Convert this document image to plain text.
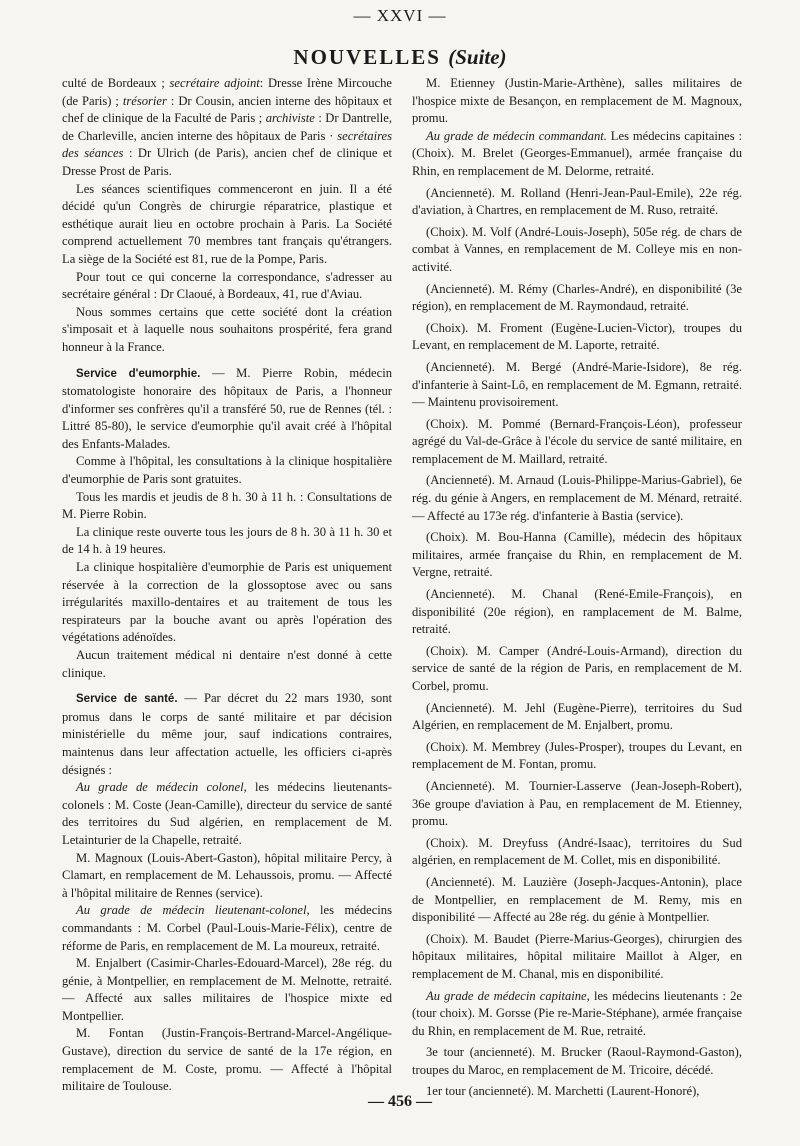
— XXVI —
NOUVELLES (Suite)

culté de Bordeaux ; secrétaire adjoint: Dresse Irène Mircouche (de Paris) ; trésorier : Dr Cousin, ancien interne des hôpitaux et chef de clinique de la Faculté de Paris ; archiviste : Dr Dantrelle, de Charleville, ancien interne des hôpitaux de Paris · secrétaires des séances : Dr Ulrich (de Paris), ancien chef de clinique et Dresse Prost de Paris.

Les séances scientifiques commenceront en juin. Il a été décidé qu'un Congrès de chirurgie réparatrice, plastique et esthétique aurait lieu en octobre prochain à Paris. La Société comprend actuellement 70 membres tant français qu'étrangers. La siège de la Société est 81, rue de la Pompe, Paris.

Pour tout ce qui concerne la correspondance, s'adresser au secrétaire général : Dr Claoué, à Bordeaux, 41, rue d'Aviau.

Nous sommes certains que cette société dont la création s'imposait et à laquelle nous souhaitons prospérité, fera grand honneur à la France.

Service d'eumorphie. — M. Pierre Robin, médecin stomatologiste honoraire des hôpitaux de Paris, a l'honneur d'informer ses confrères qu'il a transféré 50, rue de Rennes (tél. : Littré 85-80), le service d'eumorphie qu'il avait créé à l'hôpital des Enfants-Malades.

Comme à l'hôpital, les consultations à la clinique hospitalière d'eumorphie de Paris sont gratuites.

Tous les mardis et jeudis de 8 h. 30 à 11 h. : Consultations de M. Pierre Robin.

La clinique reste ouverte tous les jours de 8 h. 30 à 11 h. 30 et de 14 h. à 19 heures.

La clinique hospitalière d'eumorphie de Paris est uniquement réservée à la correction de la glossoptose avec ou sans irrégularités maxillo-dentaires et au traitement de tous les respirateurs par la bouche avant ou après l'opération des végétations adénoïdes.

Aucun traitement médical ni dentaire n'est donné à cette clinique.

Service de santé. — Par décret du 22 mars 1930, sont promus dans le corps de santé militaire et par décision ministérielle du même jour, sauf indications contraires, maintenus dans leur affectation actuelle, les officiers ci-après désignés :

Au grade de médecin colonel, les médecins lieutenants-colonels : M. Coste (Jean-Camille), directeur du service de santé des territoires du Sud algérien, en remplacement de M. Letainturier de la Chapelle, retraité.

M. Magnoux (Louis-Abert-Gaston), hôpital militaire Percy, à Clamart, en remplacement de M. Lehaussois, promu. — Affecté à l'hôpital militaire de Rennes (service).

Au grade de médecin lieutenant-colonel, les médecins commandants : M. Corbel (Paul-Louis-Marie-Félix), centre de réforme de Paris, en remplacement de M. La moureux, retraité.

M. Enjalbert (Casimir-Charles-Edouard-Marcel), 28e rég. du génie, à Montpellier, en remplacement de M. Melnotte, retraité. — Affecté aux salles militaires de l'hospice mixte ed Montpellier.

M. Fontan (Justin-François-Bertrand-Marcel-Angélique-Gustave), direction du service de santé de la 17e région, en remplacement de M. Coste, promu. — Affecté à l'hôpital militaire de Toulouse.

M. Etienney (Justin-Marie-Arthène), salles militaires de l'hospice mixte de Besançon, en remplacement de M. Magnoux, promu.

Au grade de médecin commandant. Les médecins capitaines : (Choix). M. Brelet (Georges-Emmanuel), armée française du Rhin, en remplacement de M. Delorme, retraité.

(Ancienneté). M. Rolland (Henri-Jean-Paul-Emile), 22e rég. d'aviation, à Chartres, en remplacement de M. Ruso, retraité.

(Choix). M. Volf (André-Louis-Joseph), 505e rég. de chars de combat à Vannes, en remplacement de M. Colleye mis en non-activité.

(Ancienneté). M. Rémy (Charles-André), en disponibilité (3e région), en remplacement de M. Raymondaud, retraité.

(Choix). M. Froment (Eugène-Lucien-Victor), troupes du Levant, en remplacement de M. Laporte, retraité.

(Ancienneté). M. Bergé (André-Marie-Isidore), 8e rég. d'infanterie à Saint-Lô, en remplacement de M. Egmann, retraité. — Maintenu provisoirement.

(Choix). M. Pommé (Bernard-François-Léon), professeur agrégé du Val-de-Grâce à l'école du service de santé militaire, en remplacement de M. Maillard, retraité.

(Ancienneté). M. Arnaud (Louis-Philippe-Marius-Gabriel), 6e rég. du génie à Angers, en remplacement de M. Ménard, retraité. — Affecté au 173e rég. d'infanterie à Bastia (service).

(Choix). M. Bou-Hanna (Camille), médecin des hôpitaux militaires, armée française du Rhin, en remplacement de M. Vergne, retraité.

(Ancienneté). M. Chanal (René-Emile-François), en disponibilité (20e région), en ramplacement de M. Balme, retraité.

(Choix). M. Camper (André-Louis-Armand), direction du service de santé de la région de Paris, en remplacement de M. Corbel, promu.

(Ancienneté). M. Jehl (Eugène-Pierre), territoires du Sud Algérien, en remplacement de M. Enjalbert, promu.

(Choix). M. Membrey (Jules-Prosper), troupes du Levant, en remplacement de M. Fontan, promu.

(Ancienneté). M. Tournier-Lasserve (Jean-Joseph-Robert), 36e groupe d'aviation à Pau, en remplacement de M. Etienney, promu.

(Choix). M. Dreyfuss (André-Isaac), territoires du Sud algérien, en remplacement de M. Collet, mis en disponibilité.

(Ancienneté). M. Lauzière (Joseph-Jacques-Antonin), place de Montpellier, en remplacement de M. Remy, mis en disponibilité — Affecté au 28e rég. du génie à Montpellier.

(Choix). M. Baudet (Pierre-Marius-Georges), chirurgien des hôpitaux militaires, hôpital militaire Maillot à Alger, en remplacement de M. Chanal, mis en disponibilité.

Au grade de médecin capitaine, les médecins lieutenants : 2e (tour choix). M. Gorsse (Pie re-Marie-Stéphane), armée française du Rhin, en remplacement de M. Rue, retraité.

3e tour (ancienneté). M. Brucker (Raoul-Raymond-Gaston), troupes du Maroc, en remplacement de M. Tricoire, décédé.

1er tour (ancienneté). M. Marchetti (Laurent-Honoré),

— 456 —
